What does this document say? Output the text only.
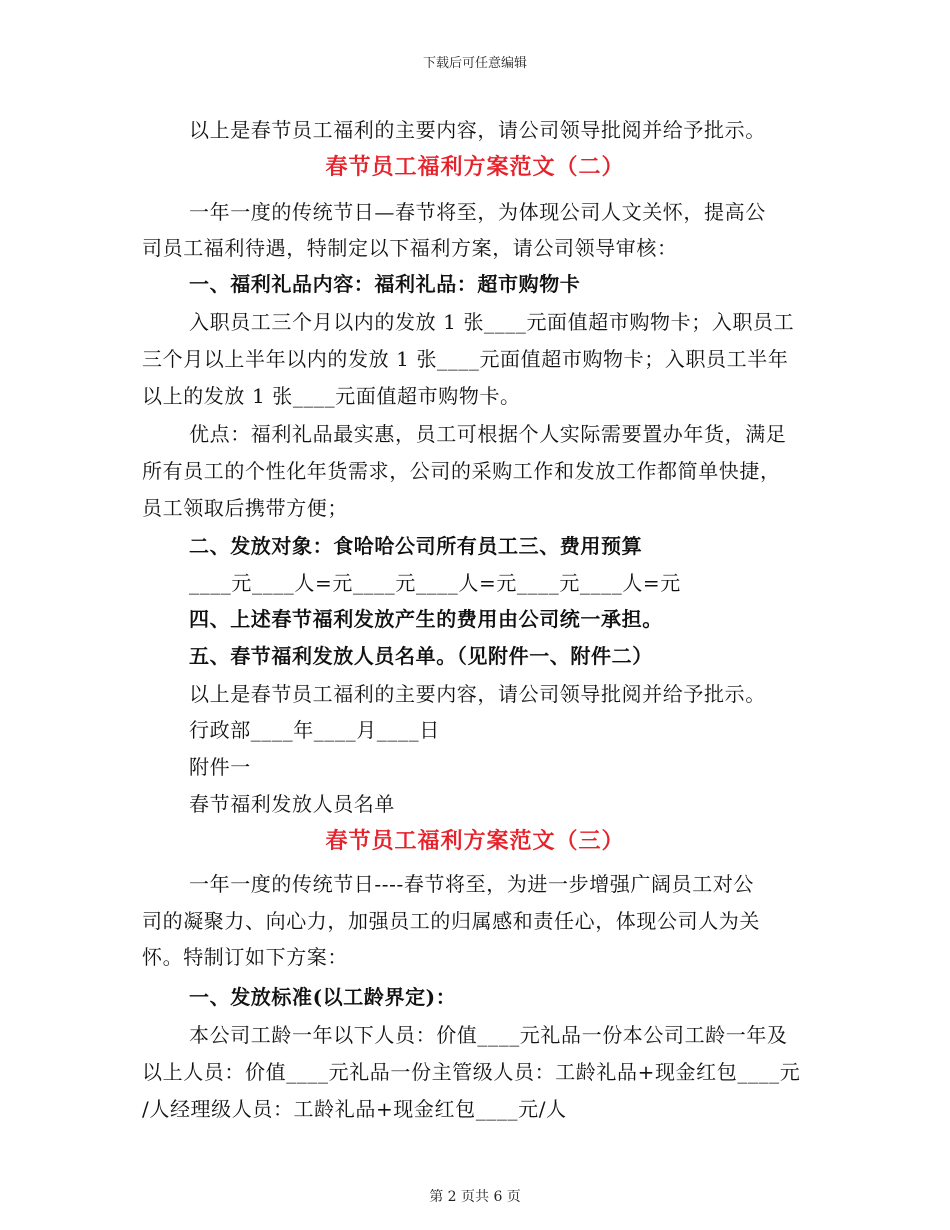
下载后可任意编辑
以上是春节员工福利的主要内容，请公司领导批阅并给予批示。
春节员工福利方案范文（二）
一年一度的传统节日—春节将至，为体现公司人文关怀，提高公
司员工福利待遇，特制定以下福利方案，请公司领导审核：
一、福利礼品内容：福利礼品：超市购物卡
入职员工三个月以内的发放 1 张____元面值超市购物卡；入职员工
三个月以上半年以内的发放 1 张____元面值超市购物卡；入职员工半年
以上的发放 1 张____元面值超市购物卡。
优点：福利礼品最实惠，员工可根据个人实际需要置办年货，满足
所有员工的个性化年货需求，公司的采购工作和发放工作都简单快捷，
员工领取后携带方便；
二、发放对象：食哈哈公司所有员工三、费用预算
____元____人=元____元____人=元____元____人=元
四、上述春节福利发放产生的费用由公司统一承担。
五、春节福利发放人员名单。（见附件一、附件二）
以上是春节员工福利的主要内容，请公司领导批阅并给予批示。
行政部____年____月____日
附件一
春节福利发放人员名单
春节员工福利方案范文（三）
一年一度的传统节日----春节将至，为进一步增强广阔员工对公
司的凝聚力、向心力，加强员工的归属感和责任心，体现公司人为关
怀。特制订如下方案：
一、发放标准(以工龄界定)：
本公司工龄一年以下人员：价值____元礼品一份本公司工龄一年及
以上人员：价值____元礼品一份主管级人员：工龄礼品+现金红包____元
/人经理级人员：工龄礼品+现金红包____元/人
第 2 页共 6 页
